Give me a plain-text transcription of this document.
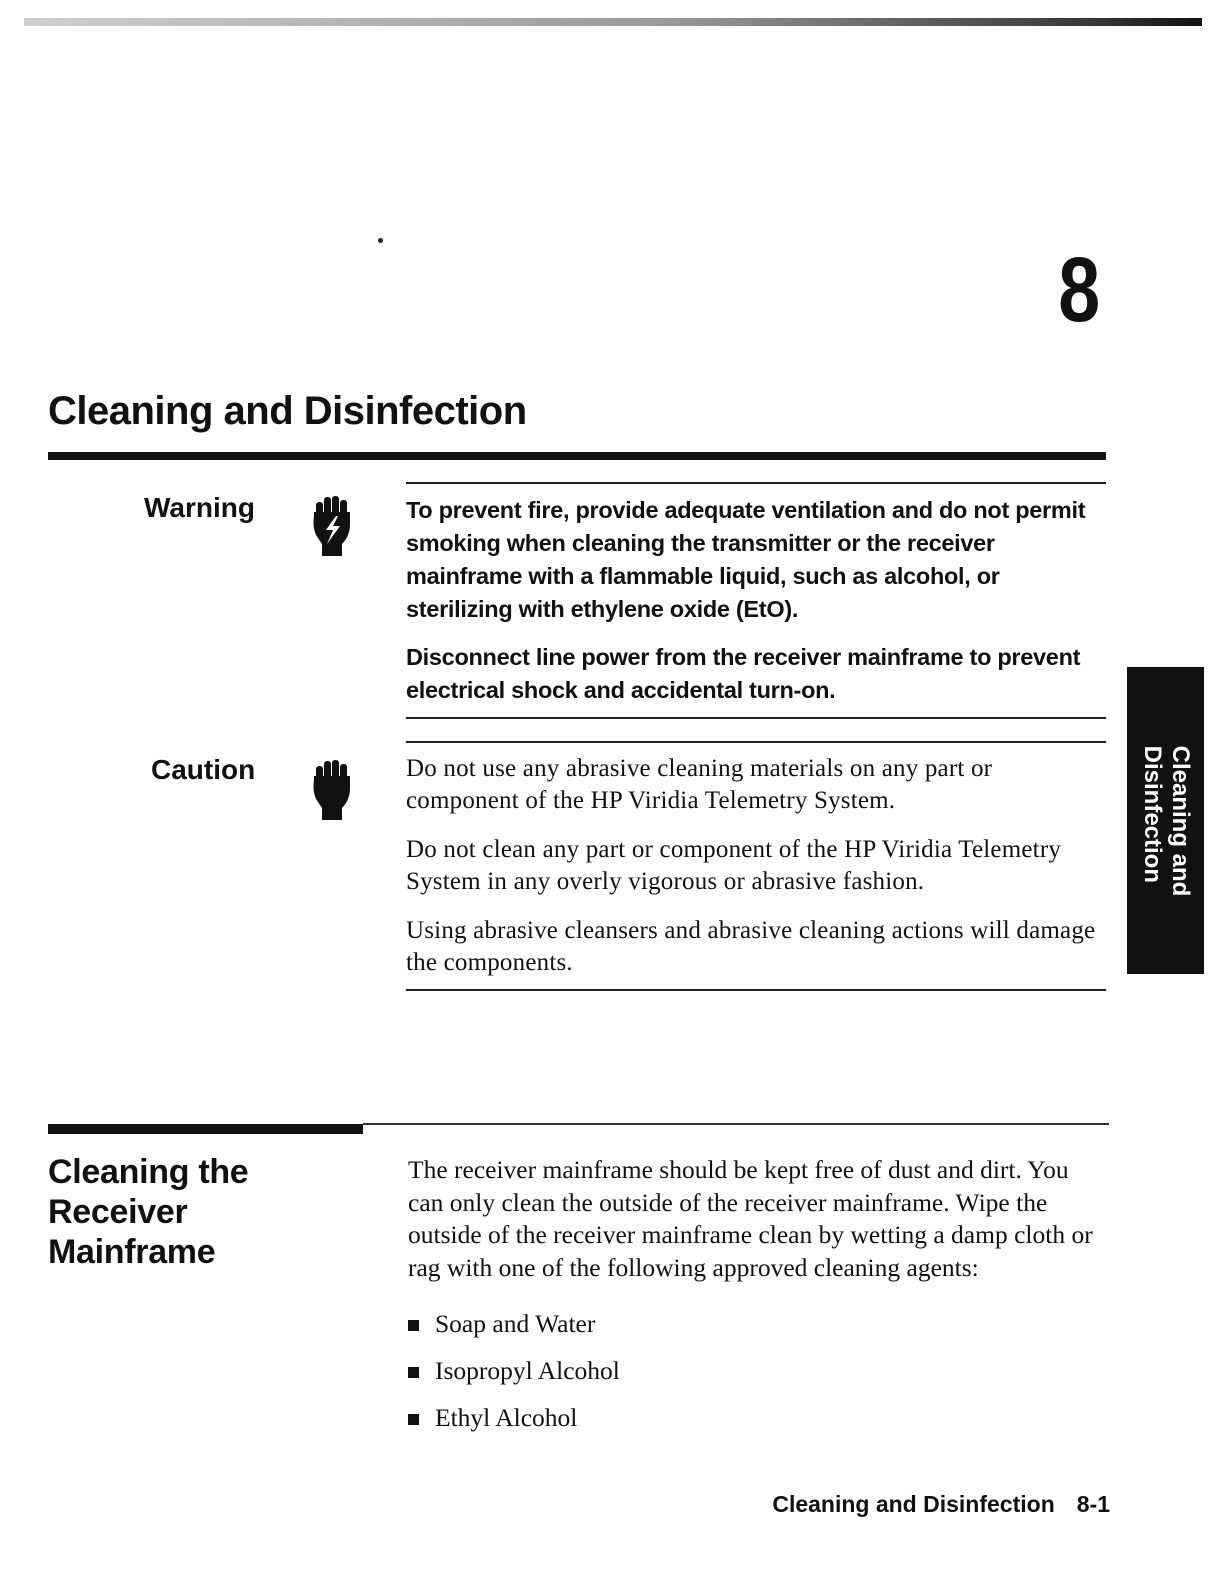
8
Cleaning and Disinfection
Warning	To prevent fire, provide adequate ventilation and do not permit smoking when cleaning the transmitter or the receiver mainframe with a flammable liquid, such as alcohol, or sterilizing with ethylene oxide (EtO).

Disconnect line power from the receiver mainframe to prevent electrical shock and accidental turn-on.

Caution	Do not use any abrasive cleaning materials on any part or component of the HP Viridia Telemetry System.

Do not clean any part or component of the HP Viridia Telemetry System in any overly vigorous or abrasive fashion.

Using abrasive cleansers and abrasive cleaning actions will damage the components.

Cleaning and
Disinfection
Cleaning the
Receiver
Mainframe

The receiver mainframe should be kept free of dust and dirt. You can only clean the outside of the receiver mainframe. Wipe the outside of the receiver mainframe clean by wetting a damp cloth or rag with one of the following approved cleaning agents:

Soap and Water
Isopropyl Alcohol
Ethyl Alcohol
Cleaning and Disinfection 8-1
